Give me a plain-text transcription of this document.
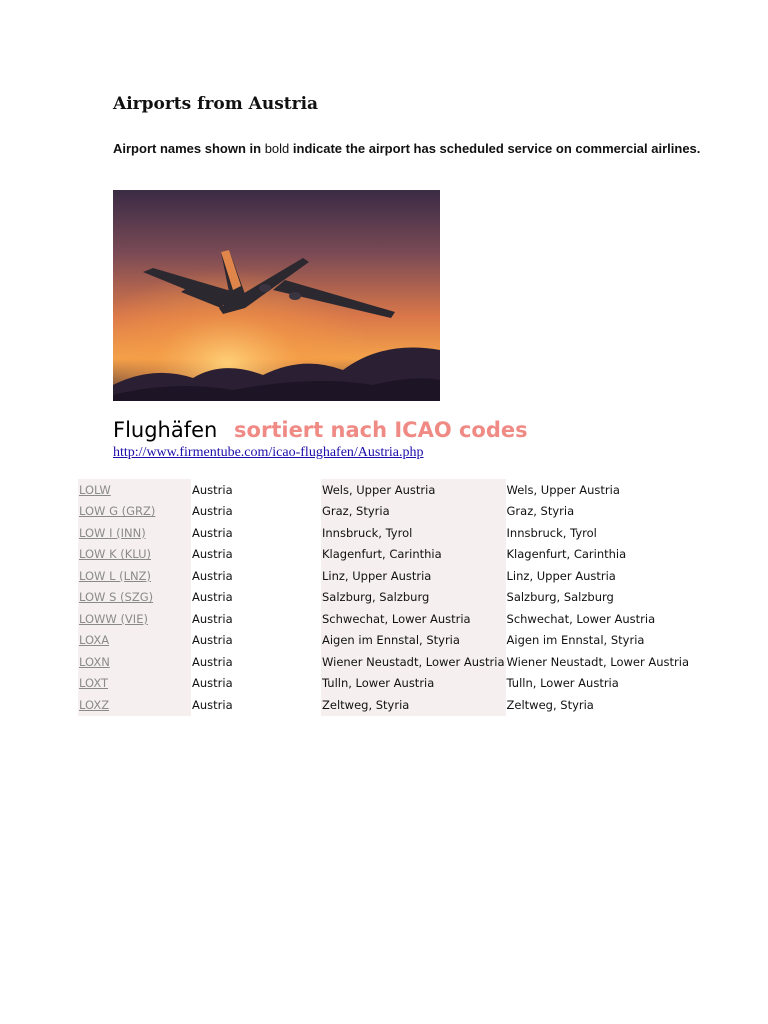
Airports from Austria
Airport names shown in bold indicate the airport has scheduled service on commercial airlines.
Flughäfen sortiert nach ICAO codes
http://www.firmentube.com/icao-flughafen/Austria.php
LOLW	Austria	Wels, Upper Austria	Wels, Upper Austria
LOW G (GRZ)	Austria	Graz, Styria	Graz, Styria
LOW I (INN)	Austria	Innsbruck, Tyrol	Innsbruck, Tyrol
LOW K (KLU)	Austria	Klagenfurt, Carinthia	Klagenfurt, Carinthia
LOW L (LNZ)	Austria	Linz, Upper Austria	Linz, Upper Austria
LOW S (SZG)	Austria	Salzburg, Salzburg	Salzburg, Salzburg
LOWW (VIE)	Austria	Schwechat, Lower Austria	Schwechat, Lower Austria
LOXA	Austria	Aigen im Ennstal, Styria	Aigen im Ennstal, Styria
LOXN	Austria	Wiener Neustadt, Lower Austria	Wiener Neustadt, Lower Austria
LOXT	Austria	Tulln, Lower Austria	Tulln, Lower Austria
LOXZ	Austria	Zeltweg, Styria	Zeltweg, Styria
